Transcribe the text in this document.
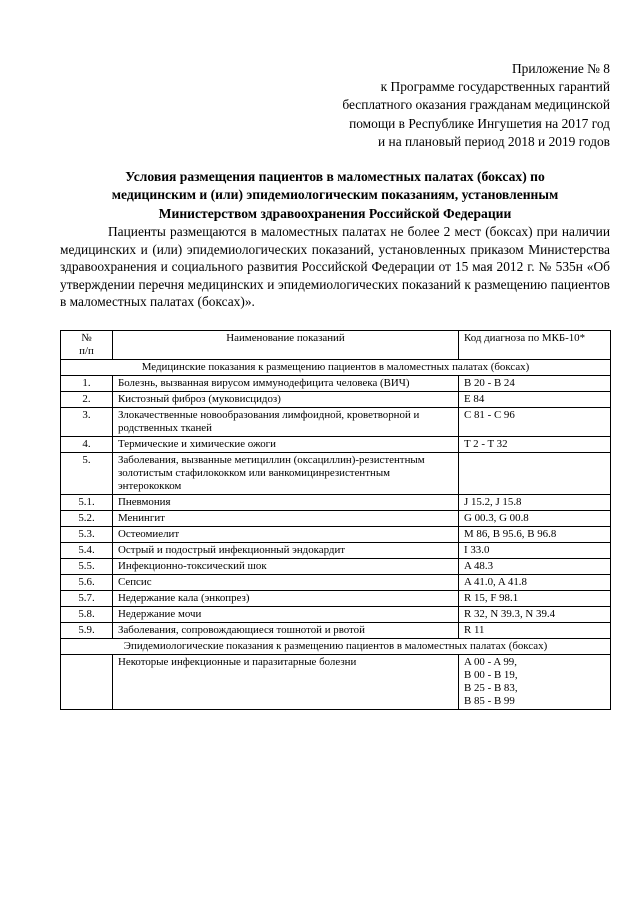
Приложение № 8
к Программе государственных гарантий
бесплатного оказания гражданам медицинской
помощи в Республике Ингушетия на 2017 год
и на плановый период 2018 и 2019 годов
Условия размещения пациентов в маломестных палатах (боксах) по
медицинским и (или) эпидемиологическим показаниям, установленным
Министерством здравоохранения Российской Федерации

Пациенты размещаются в маломестных палатах не более 2 мест (боксах) при наличии медицинских и (или) эпидемиологических показаний, установленных приказом Министерства здравоохранения и социального развития Российской Федерации от 15 мая 2012 г. № 535н «Об утверждении перечня медицинских и эпидемиологических показаний к размещению пациентов в маломестных палатах (боксах)».

№
п/п	Наименование показаний	Код диагноза по МКБ-10*
Медицинские показания к размещению пациентов в маломестных палатах (боксах)		
1.	Болезнь, вызванная вирусом иммунодефицита человека (ВИЧ)	B 20 - B 24
2.	Кистозный фиброз (муковисцидоз)	E 84
3.	Злокачественные новообразования лимфоидной, кроветворной и родственных тканей	C 81 - C 96
4.	Термические и химические ожоги	T 2 - T 32
5.	Заболевания, вызванные метициллин (оксациллин)-резистентным золотистым стафилококком или ванкомицинрезистентным энтерококком	
5.1.	Пневмония	J 15.2, J 15.8
5.2.	Менингит	G 00.3, G 00.8
5.3.	Остеомиелит	M 86, B 95.6, B 96.8
5.4.	Острый и подострый инфекционный эндокардит	I 33.0
5.5.	Инфекционно-токсический шок	A 48.3
5.6.	Сепсис	A 41.0, A 41.8
5.7.	Недержание кала (энкопрез)	R 15, F 98.1
5.8.	Недержание мочи	R 32, N 39.3, N 39.4
5.9.	Заболевания, сопровождающиеся тошнотой и рвотой	R 11
Эпидемиологические показания к размещению пациентов в маломестных палатах (боксах)		
	Некоторые инфекционные и паразитарные болезни	A 00 - A 99,
B 00 - B 19,
B 25 - B 83,
B 85 - B 99
